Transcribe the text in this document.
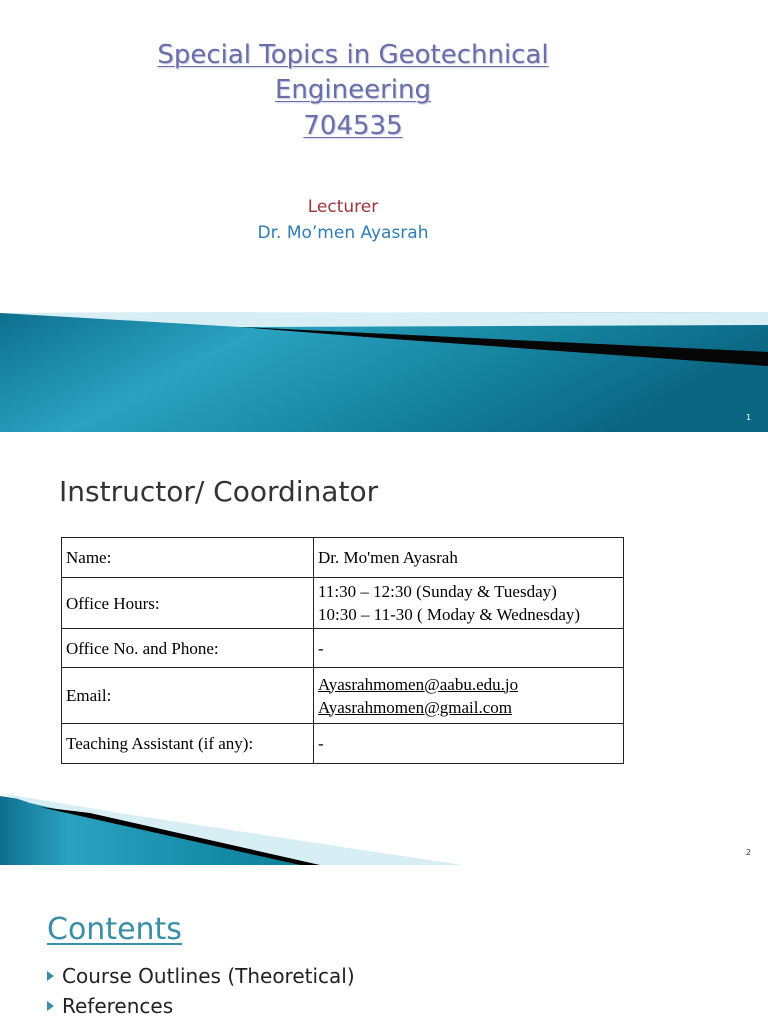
Special Topics in Geotechnical
Engineering
704535
Lecturer
Dr. Mo’men Ayasrah
1
Instructor/ Coordinator
Name:	Dr. Mo'men Ayasrah
Office Hours:	11:30 – 12:30 (Sunday & Tuesday)
10:30 – 11-30 ( Moday & Wednesday)

Office No. and Phone:	-
Email:	Ayasrahmomen@aabu.edu.jo
Ayasrahmomen@gmail.com

Teaching Assistant (if any):	-
2
Contents
Course Outlines (Theoretical)
References
